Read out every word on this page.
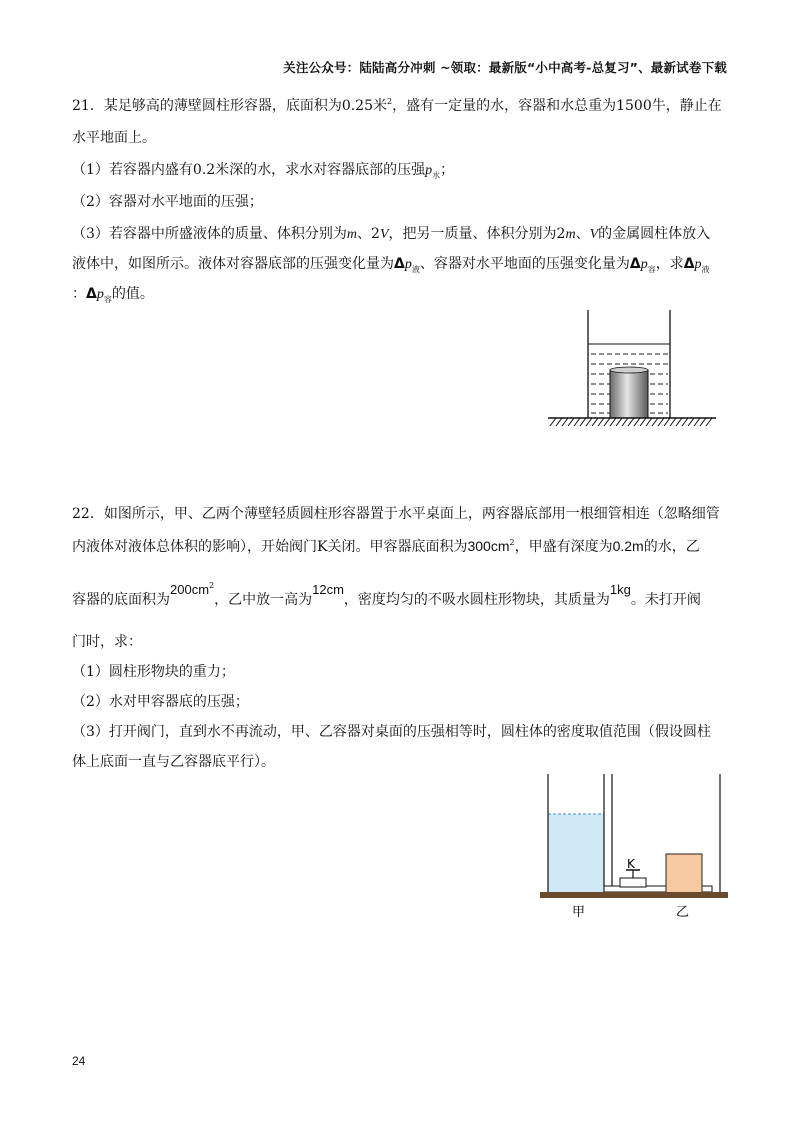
关注公众号：陆陆高分冲刺 ~领取：最新版“小中高考-总复习”、最新试卷下载
21．某足够高的薄壁圆柱形容器，底面积为0.25米$^2$，盛有一定量的水，容器和水总重为1500牛，静止在
水平地面上。
（1）若容器内盛有0.2米深的水，求水对容器底部的压强$p_水$；
（2）容器对水平地面的压强；
（3）若容器中所盛液体的质量、体积分别为m、2V，把另一质量、体积分别为2m、V的金属圆柱体放入
液体中，如图所示。液体对容器底部的压强变化量为$\Delta p_液$、容器对水平地面的压强变化量为$\Delta p_容$，求$\Delta p_液$
：$\Delta p_容$的值。
22．如图所示，甲、乙两个薄壁轻质圆柱形容器置于水平桌面上，两容器底部用一根细管相连（忽略细管
内液体对液体总体积的影响），开始阀门K关闭。甲容器底面积为$300cm^2$，甲盛有深度为0.2m的水，乙
容器的底面积为$200cm^2$，乙中放一高为12cm，密度均匀的不吸水圆柱形物块，其质量为1kg。未打开阀
门时，求：
（1）圆柱形物块的重力；
（2）水对甲容器底的压强；
（3）打开阀门，直到水不再流动，甲、乙容器对桌面的压强相等时，圆柱体的密度取值范围（假设圆柱
体上底面一直与乙容器底平行）。
K
甲	乙
24
